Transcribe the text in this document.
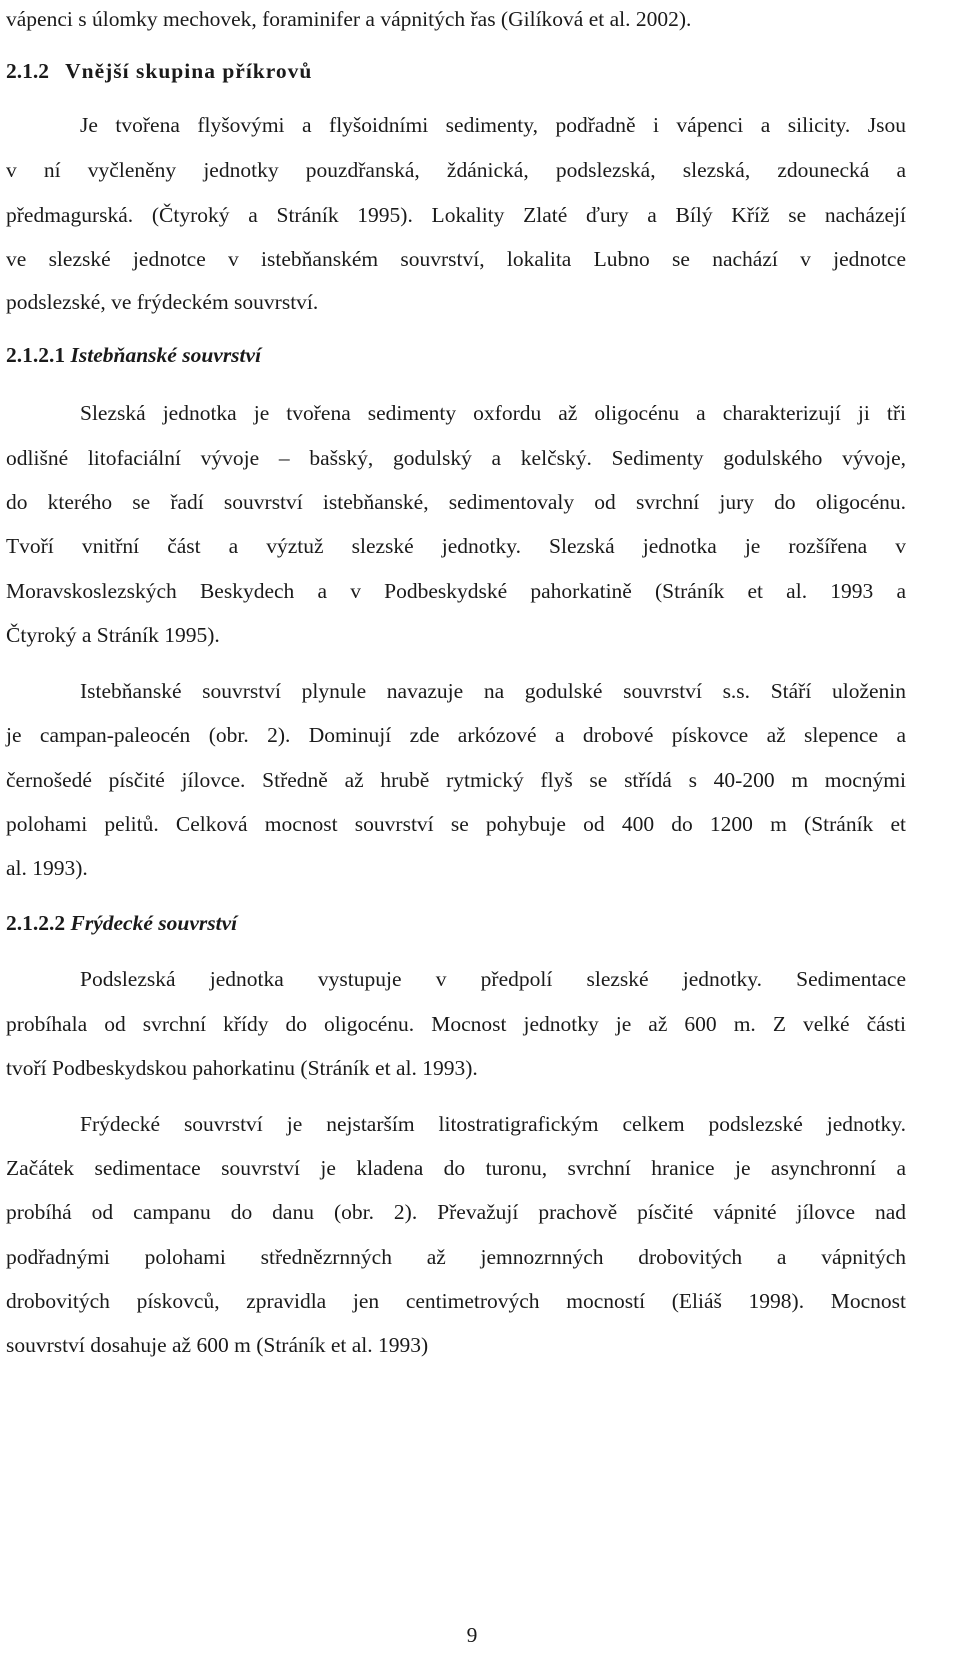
vápenci s úlomky mechovek, foraminifer a vápnitých řas (Gilíková et al. 2002).
2.1.2 Vnější skupina příkrovů
Je tvořena flyšovými a flyšoidními sedimenty, podřadně i vápenci a silicity. Jsou
v ní vyčleněny jednotky pouzdřanská, ždánická, podslezská, slezská, zdounecká a
předmagurská. (Čtyroký a Stráník 1995). Lokality Zlaté ďury a Bílý Kříž se nacházejí
ve slezské jednotce v istebňanském souvrství, lokalita Lubno se nachází v jednotce
podslezské, ve frýdeckém souvrství.
2.1.2.1 Istebňanské souvrství
Slezská jednotka je tvořena sedimenty oxfordu až oligocénu a charakterizují ji tři
odlišné litofaciální vývoje – bašský, godulský a kelčský. Sedimenty godulského vývoje,
do kterého se řadí souvrství istebňanské, sedimentovaly od svrchní jury do oligocénu.
Tvoří vnitřní část a výztuž slezské jednotky. Slezská jednotka je rozšířena v
Moravskoslezských Beskydech a v Podbeskydské pahorkatině (Stráník et al. 1993 a
Čtyroký a Stráník 1995).
Istebňanské souvrství plynule navazuje na godulské souvrství s.s. Stáří uloženin
je campan-paleocén (obr. 2). Dominují zde arkózové a drobové pískovce až slepence a
černošedé písčité jílovce. Středně až hrubě rytmický flyš se střídá s 40-200 m mocnými
polohami pelitů. Celková mocnost souvrství se pohybuje od 400 do 1200 m (Stráník et
al. 1993).
2.1.2.2 Frýdecké souvrství
Podslezská jednotka vystupuje v předpolí slezské jednotky. Sedimentace
probíhala od svrchní křídy do oligocénu. Mocnost jednotky je až 600 m. Z velké části
tvoří Podbeskydskou pahorkatinu (Stráník et al. 1993).
Frýdecké souvrství je nejstarším litostratigrafickým celkem podslezské jednotky.
Začátek sedimentace souvrství je kladena do turonu, svrchní hranice je asynchronní a
probíhá od campanu do danu (obr. 2). Převažují prachově písčité vápnité jílovce nad
podřadnými polohami střednězrnných až jemnozrnných drobovitých a vápnitých
drobovitých pískovců, zpravidla jen centimetrových mocností (Eliáš 1998). Mocnost
souvrství dosahuje až 600 m (Stráník et al. 1993)
9
